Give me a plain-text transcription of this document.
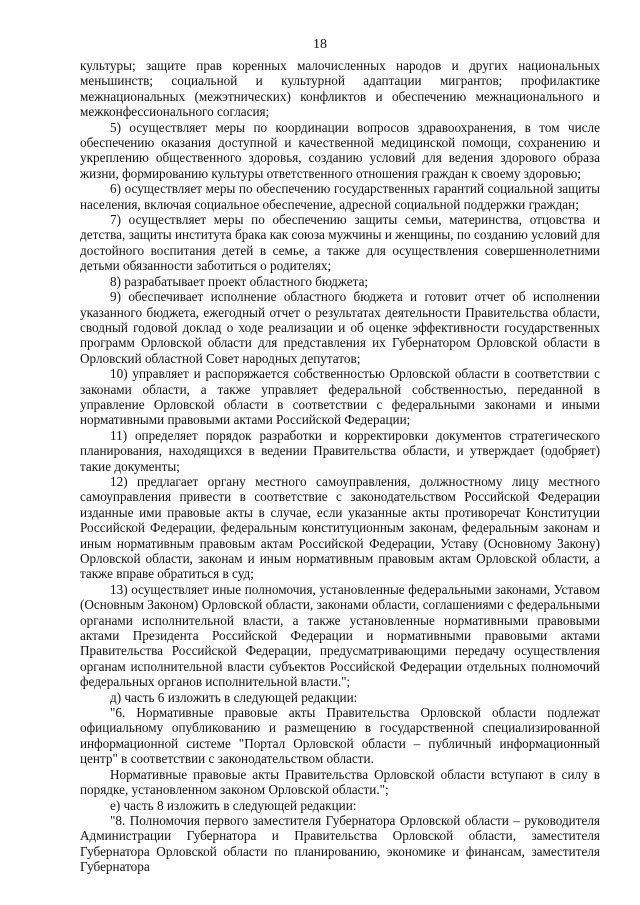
18

культуры; защите прав коренных малочисленных народов и других национальных меньшинств; социальной и культурной адаптации мигрантов; профилактике межнациональных (межэтнических) конфликтов и обеспечению межнационального и межконфессионального согласия;

5) осуществляет меры по координации вопросов здравоохранения, в том числе обеспечению оказания доступной и качественной медицинской помощи, сохранению и укреплению общественного здоровья, созданию условий для ведения здорового образа жизни, формированию культуры ответственного отношения граждан к своему здоровью;

6) осуществляет меры по обеспечению государственных гарантий социальной защиты населения, включая социальное обеспечение, адресной социальной поддержки граждан;

7) осуществляет меры по обеспечению защиты семьи, материнства, отцовства и детства, защиты института брака как союза мужчины и женщины, по созданию условий для достойного воспитания детей в семье, а также для осуществления совершеннолетними детьми обязанности заботиться о родителях;

8) разрабатывает проект областного бюджета;

9) обеспечивает исполнение областного бюджета и готовит отчет об исполнении указанного бюджета, ежегодный отчет о результатах деятельности Правительства области, сводный годовой доклад о ходе реализации и об оценке эффективности государственных программ Орловской области для представления их Губернатором Орловской области в Орловский областной Совет народных депутатов;

10) управляет и распоряжается собственностью Орловской области в соответствии с законами области, а также управляет федеральной собственностью, переданной в управление Орловской области в соответствии с федеральными законами и иными нормативными правовыми актами Российской Федерации;

11) определяет порядок разработки и корректировки документов стратегического планирования, находящихся в ведении Правительства области, и утверждает (одобряет) такие документы;

12) предлагает органу местного самоуправления, должностному лицу местного самоуправления привести в соответствие с законодательством Российской Федерации изданные ими правовые акты в случае, если указанные акты противоречат Конституции Российской Федерации, федеральным конституционным законам, федеральным законам и иным нормативным правовым актам Российской Федерации, Уставу (Основному Закону) Орловской области, законам и иным нормативным правовым актам Орловской области, а также вправе обратиться в суд;

13) осуществляет иные полномочия, установленные федеральными законами, Уставом (Основным Законом) Орловской области, законами области, соглашениями с федеральными органами исполнительной власти, а также установленные нормативными правовыми актами Президента Российской Федерации и нормативными правовыми актами Правительства Российской Федерации, предусматривающими передачу осуществления органам исполнительной власти субъектов Российской Федерации отдельных полномочий федеральных органов исполнительной власти.";

д) часть 6 изложить в следующей редакции:

"6. Нормативные правовые акты Правительства Орловской области подлежат официальному опубликованию и размещению в государственной специализированной информационной системе "Портал Орловской области – публичный информационный центр" в соответствии с законодательством области.

Нормативные правовые акты Правительства Орловской области вступают в силу в порядке, установленном законом Орловской области.";

е) часть 8 изложить в следующей редакции:

"8. Полномочия первого заместителя Губернатора Орловской области – руководителя Администрации Губернатора и Правительства Орловской области, заместителя Губернатора Орловской области по планированию, экономике и финансам, заместителя Губернатора
